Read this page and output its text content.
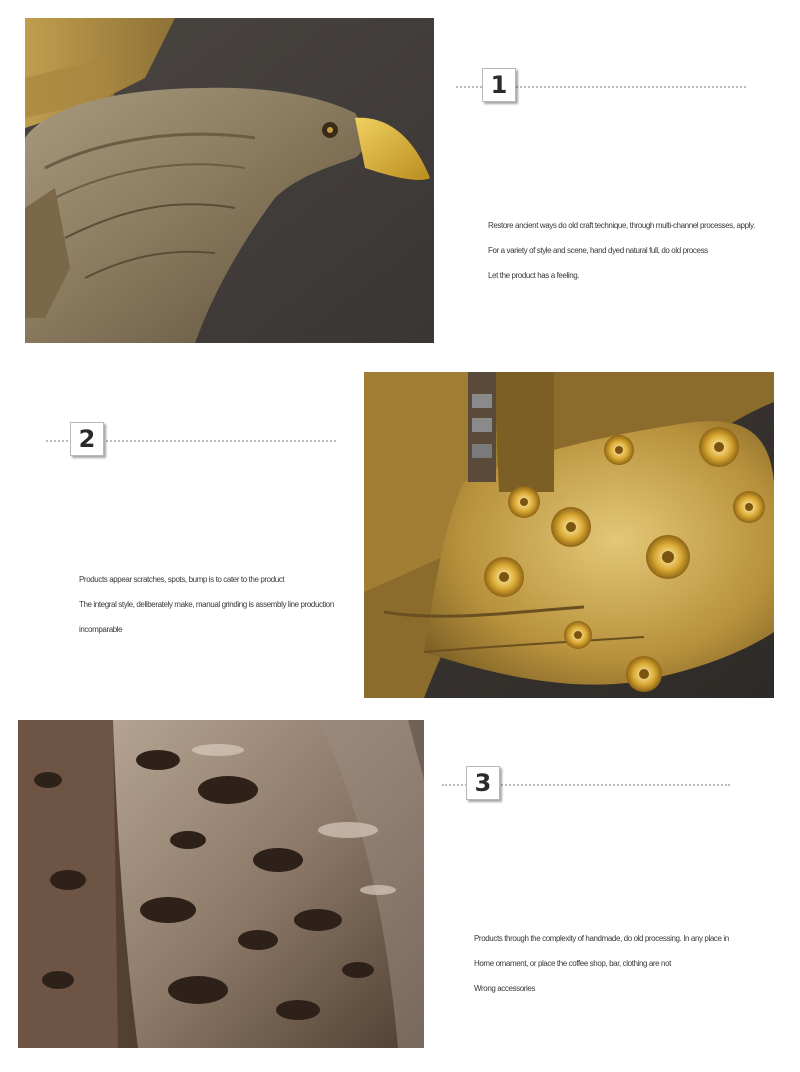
1
Restore ancient ways do old craft technique, through multi-channel processes, apply.
For a variety of style and scene, hand dyed natural full, do old process
Let the product has a feeling.
2
Products appear scratches, spots, bump is to cater to the product
The integral style, deliberately make, manual grinding is assembly line production
incomparable
3
Products through the complexity of handmade, do old processing. In any place in
Home ornament, or place the coffee shop, bar, clothing are not
Wrong accessories
